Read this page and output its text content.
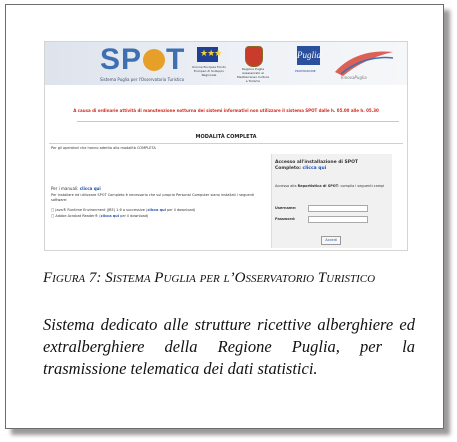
SP T
Sistema Puglia per l'Osservatorio Turistico
★★★
Unione Europea Fondo Europeo di Sviluppo Regionale
Regione Puglia Assessorato al Mediterraneo Cultura e Turismo
Puglia
PROMOZIONE
InnovaPuglia
A causa di ordinarie attività di manutenzione notturna dei sistemi informativi non utilizzare il sistema SPOT dalle h. 05.00 alle h. 05.30
MODALITÀ COMPLETA
Per gli operatori che hanno aderito alla modalità COMPLETA
Per i manuali: clicca qui
Per installare ed utilizzare SPOT Completo è necessario che sul proprio Personal Computer siano installati i seguenti software:
□ Java® Runtime Environment (JRE) 1.6 o successive (clicca qui per il download)
□ Adobe Acrobat Reader® (clicca qui per il download)
Accesso all'installazione di SPOT Completo: clicca qui
Accesso alla Reportistica di SPOT: compila i seguenti campi
Username:
Password:
Accedi
Figura 7: Sistema Puglia per l’Osservatorio Turistico
Sistema dedicato alle strutture ricettive alberghiere ed extralberghiere della Regione Puglia, per la trasmissione telematica dei dati statistici.
